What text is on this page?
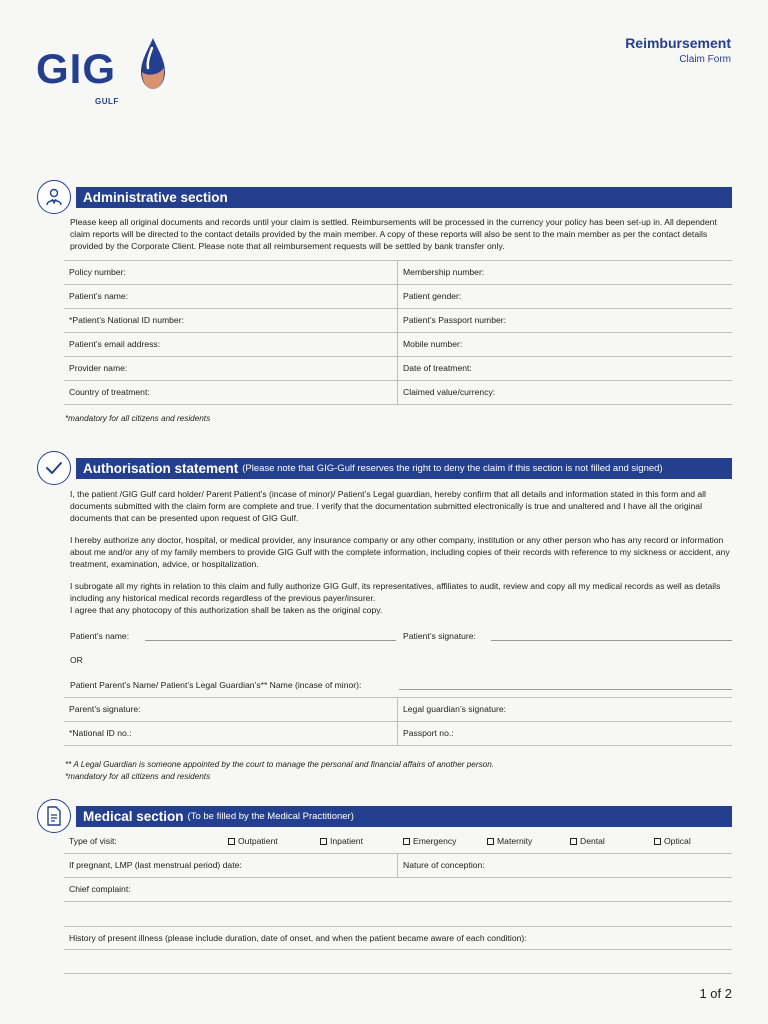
GIG
GULF
Reimbursement
Claim Form
Administrative section
Please keep all original documents and records until your claim is settled. Reimbursements will be processed in the currency your policy has been set-up in. All dependent claim reports will be directed to the contact details provided by the main member. A copy of these reports will also be sent to the main member as per the contact details provided by the Corporate Client. Please note that all reimbursement requests will be settled by bank transfer only.
Policy number:	Membership number:
Patient’s name:	Patient gender:
*Patient’s National ID number:	Patient’s Passport number:
Patient’s email address:	Mobile number:
Provider name:	Date of treatment:
Country of treatment:	Claimed value/currency:
*mandatory for all citizens and residents
Authorisation statement (Please note that GIG-Gulf reserves the right to deny the claim if this section is not filled and signed)
I, the patient /GIG Gulf card holder/ Parent Patient’s (incase of minor)/ Patient’s Legal guardian, hereby confirm that all details and information stated in this form and all documents submitted with the claim form are complete and true. I verify that the documentation submitted electronically is true and unaltered and I have all the original documents that can be presented upon request of GIG Gulf.
I hereby authorize any doctor, hospital, or medical provider, any insurance company or any other company, institution or any other person who has any record or information about me and/or any of my family members to provide GIG Gulf with the complete information, including copies of their records with reference to my sickness or accident, any treatment, examination, advice, or hospitalization.
I subrogate all my rights in relation to this claim and fully authorize GIG Gulf, its representatives, affiliates to audit, review and copy all my medical records as well as details including any historical medical records regardless of the previous payer/insurer.
I agree that any photocopy of this authorization shall be taken as the original copy.
Patient’s name:	Patient’s signature:
OR
Patient Parent’s Name/ Patient’s Legal Guardian’s** Name (incase of minor):
Parent’s signature:	Legal guardian’s signature:
*National ID no.:	Passport no.:
** A Legal Guardian is someone appointed by the court to manage the personal and financial affairs of another person.
*mandatory for all citizens and residents
Medical section (To be filled by the Medical Practitioner)
Type of visit:	Outpatient	Inpatient	Emergency	Maternity	Dental	Optical
If pregnant, LMP (last menstrual period) date:	Nature of conception:
Chief complaint:
History of present illness (please include duration, date of onset, and when the patient became aware of each condition):
1 of 2
